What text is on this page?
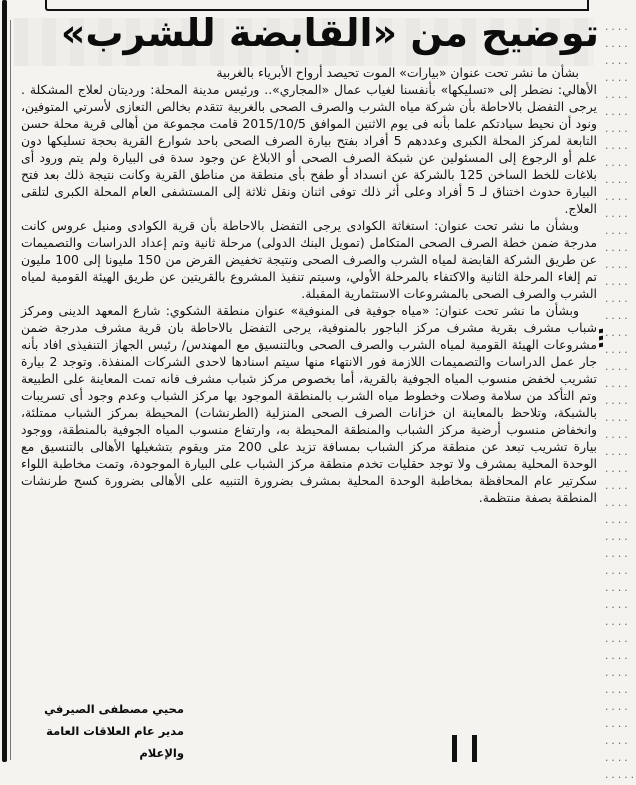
توضيح من «القابضة للشرب»

بشأن ما نشر تحت عنوان «بيارات» الموت تحيصد أرواح الأبرياء بالغربية

الأهالي: نضطر إلى «تسليكها» بأنفسنا لغياب عمال «المجاري».. ورئيس مدينة المحلة: ورديتان لعلاج المشكلة . يرجى التفضل بالاحاطة بأن شركة مياه الشرب والصرف الصحى بالغربية تتقدم بخالص التعازى لأسرتي المتوفين، ونود أن نحيط سيادتكم علما بأنه فى يوم الاثنين الموافق 2015/10/5 قامت مجموعة من أهالى قرية محلة حسن التابعة لمركز المحلة الكبرى وعددهم 5 أفراد بفتح بيارة الصرف الصحى باحد شوارع القرية بحجة تسليكها دون علم أو الرجوع إلى المسئولين عن شبكة الصرف الصحى أو الابلاغ عن وجود سدة فى البيارة ولم يتم ورود أى بلاغات للخط الساخن 125 بالشركة عن انسداد أو طفح بأى منطقة من مناطق القرية وكانت نتيجة ذلك بعد فتح البيارة حدوث اختناق لـ 5 أفراد وعلى أثر ذلك توفى اثنان ونقل ثلاثة إلى المستشفى العام المحلة الكبرى لتلقى العلاج.

وبشأن ما نشر تحت عنوان: استغاثة الكوادى يرجى التفضل بالاحاطة بأن قرية الكوادى ومنيل عروس كانت مدرجة ضمن خطة الصرف الصحى المتكامل (تمويل البنك الدولى) مرحلة ثانية وتم إعداد الدراسات والتصميمات عن طريق الشركة القابضة لمياه الشرب والصرف الصحى ونتيجة تخفيض القرض من 150 مليونا إلى 100 مليون تم إلغاء المرحلة الثانية والاكتفاء بالمرحلة الأولي، وسيتم تنفيذ المشروع بالقريتين عن طريق الهيئة القومية لمياه الشرب والصرف الصحى بالمشروعات الاستثمارية المقبلة.

وبشأن ما نشر تحت عنوان: «مياه جوفية فى المنوفية» عنوان منطقة الشكوي: شارع المعهد الدينى ومركز شباب مشرف بقرية مشرف مركز الباجور بالمنوفية، يرجى التفضل بالاحاطة بان قرية مشرف مدرجة ضمن مشروعات الهيئة القومية لمياه الشرب والصرف الصحى وبالتنسيق مع المهندس/ رئيس الجهاز التنفيذى افاد بأنه جار عمل الدراسات والتصميمات اللازمة فور الانتهاء منها سيتم اسنادها لاحدى الشركات المنفذة. وتوجد 2 بيارة تشريب لخفض منسوب المياه الجوفية بالقرية، أما بخصوص مركز شباب مشرف فانه تمت المعاينة على الطبيعة وتم التأكد من سلامة وصلات وخطوط مياه الشرب بالمنطقة الموجود بها مركز الشباب وعدم وجود أى تسريبات بالشبكة، وتلاحظ بالمعاينة ان خزانات الصرف الصحى المنزلية (الطرنشات) المحيطة بمركز الشباب ممتلئة، وانخفاض منسوب أرضية مركز الشباب والمنطقة المحيطة به، وارتفاع منسوب المياه الجوفية بالمنطقة، ووجود بيارة تشريب تبعد عن منطقة مركز الشباب بمسافة تزيد على 200 متر ويقوم بتشغيلها الأهالى بالتنسيق مع الوحدة المحلية بمشرف ولا توجد حقليات تخدم منطقة مركز الشباب على البيارة الموجودة، وتمت مخاطبة اللواء سكرتير عام المحافظة بمخاطبة الوحدة المحلية بمشرف بضرورة التنبيه على الأهالى بضرورة كسح طرنشات المنطقة بصفة منتظمة.

محيي مصطفى الصيرفي
مدير عام العلاقات العامة والإعلام
....
....
....
....
....
....
....
....
....
....
....
....
....
....
....
....
....
....
....
....
....
....
....
....
....
....
....
....
....
....
....
....
....
....
....
....
....
....
....
....
....
....
....
....
.....
